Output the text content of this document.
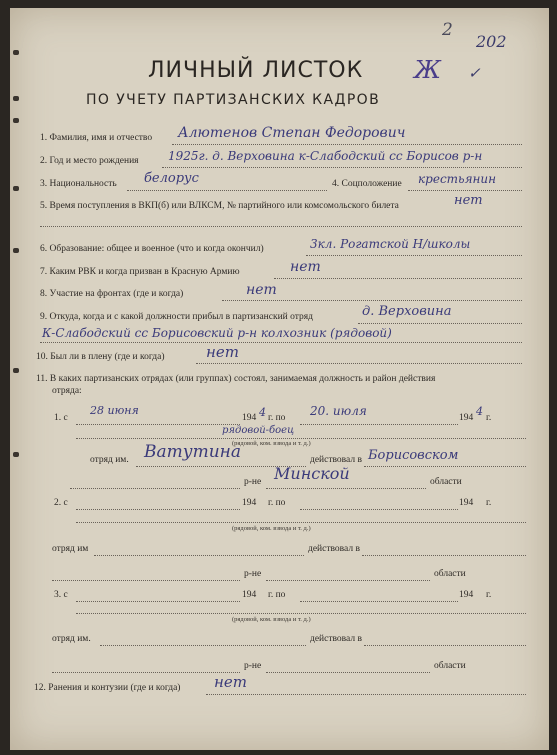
2
202
Ж ✓
ЛИЧНЫЙ ЛИСТОК
ПО УЧЕТУ ПАРТИЗАНСКИХ КАДРОВ
1. Фамилия, имя и отчество Алютенов Степан Федорович
2. Год и место рождения 1925г. д. Верховина к-Слабодский сс Борисов р-н
3. Национальность белорус	4. Соцположение крестьянин
5. Время поступления в ВКП(б) или ВЛКСМ, № партийного или комсомольского билета	нет
6. Образование: общее и военное (что и когда окончил)	3кл. Рогатской Н/школы
7. Каким РВК и когда призван в Красную Армию	нет
8. Участие на фронтах (где и когда)	нет
9. Откуда, когда и с какой должности прибыл в партизанский отряд	д. Верховина
К-Слабодский сс Борисовский р-н колхозник (рядовой)
10. Был ли в плену (где и когда)	нет
11. В каких партизанских отрядах (или группах) состоял, занимаемая должность и район действия
отряда:
1. с
28 июня
194 4 г. по 20. июля	194 4 г.
рядовой-боец
(рядовой, ком. взвода и т. д.)
отряд им. Ватутина	действовал в Борисовском
р-не Минской	области
2. с	194 г. по	194 г.
(рядовой, ком. взвода и т. д.)
отряд им	действовал в
р-не	области
3. с	194 г. по	194 г.
(рядовой, ком. взвода и т. д.)
отряд им.	действовал в
р-не	области
12. Ранения и контузии (где и когда) нет
